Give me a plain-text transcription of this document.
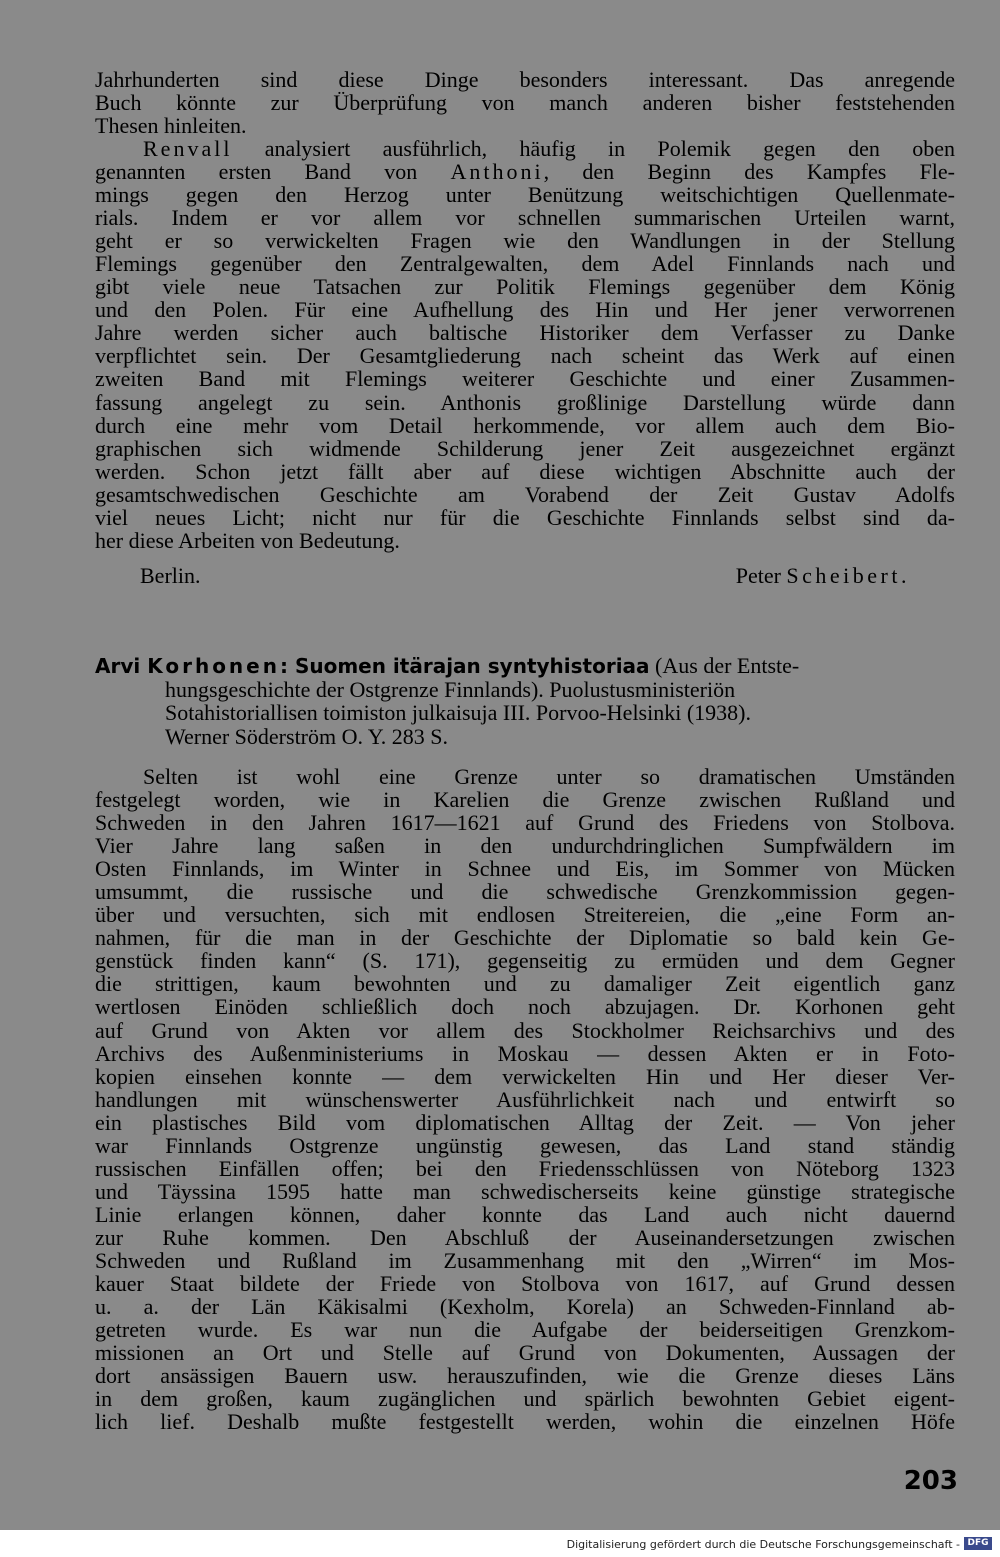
Jahrhunderten sind diese Dinge besonders interessant. Das anregende
Buch könnte zur Überprüfung von manch anderen bisher feststehenden
Thesen hinleiten.
Renvall analysiert ausführlich, häufig in Polemik gegen den oben
genannten ersten Band von Anthoni, den Beginn des Kampfes Fle-
mings gegen den Herzog unter Benützung weitschichtigen Quellenmate-
rials. Indem er vor allem vor schnellen summarischen Urteilen warnt,
geht er so verwickelten Fragen wie den Wandlungen in der Stellung
Flemings gegenüber den Zentralgewalten, dem Adel Finnlands nach und
gibt viele neue Tatsachen zur Politik Flemings gegenüber dem König
und den Polen. Für eine Aufhellung des Hin und Her jener verworrenen
Jahre werden sicher auch baltische Historiker dem Verfasser zu Danke
verpflichtet sein. Der Gesamtgliederung nach scheint das Werk auf einen
zweiten Band mit Flemings weiterer Geschichte und einer Zusammen-
fassung angelegt zu sein. Anthonis großlinige Darstellung würde dann
durch eine mehr vom Detail herkommende, vor allem auch dem Bio-
graphischen sich widmende Schilderung jener Zeit ausgezeichnet ergänzt
werden. Schon jetzt fällt aber auf diese wichtigen Abschnitte auch der
gesamtschwedischen Geschichte am Vorabend der Zeit Gustav Adolfs
viel neues Licht; nicht nur für die Geschichte Finnlands selbst sind da-
her diese Arbeiten von Bedeutung.
Berlin.	Peter Scheibert.
Arvi Korhonen: Suomen itärajan syntyhistoriaa (Aus der Entste-
hungsgeschichte der Ostgrenze Finnlands). Puolustusministeriön
Sotahistoriallisen toimiston julkaisuja III. Porvoo-Helsinki (1938).
Werner Söderström O. Y. 283 S.
Selten ist wohl eine Grenze unter so dramatischen Umständen
festgelegt worden, wie in Karelien die Grenze zwischen Rußland und
Schweden in den Jahren 1617—1621 auf Grund des Friedens von Stolbova.
Vier Jahre lang saßen in den undurchdringlichen Sumpfwäldern im
Osten Finnlands, im Winter in Schnee und Eis, im Sommer von Mücken
umsummt, die russische und die schwedische Grenzkommission gegen-
über und versuchten, sich mit endlosen Streitereien, die „eine Form an-
nahmen, für die man in der Geschichte der Diplomatie so bald kein Ge-
genstück finden kann“ (S. 171), gegenseitig zu ermüden und dem Gegner
die strittigen, kaum bewohnten und zu damaliger Zeit eigentlich ganz
wertlosen Einöden schließlich doch noch abzujagen. Dr. Korhonen geht
auf Grund von Akten vor allem des Stockholmer Reichsarchivs und des
Archivs des Außenministeriums in Moskau — dessen Akten er in Foto-
kopien einsehen konnte — dem verwickelten Hin und Her dieser Ver-
handlungen mit wünschenswerter Ausführlichkeit nach und entwirft so
ein plastisches Bild vom diplomatischen Alltag der Zeit. — Von jeher
war Finnlands Ostgrenze ungünstig gewesen, das Land stand ständig
russischen Einfällen offen; bei den Friedensschlüssen von Nöteborg 1323
und Täyssina 1595 hatte man schwedischerseits keine günstige strategische
Linie erlangen können, daher konnte das Land auch nicht dauernd
zur Ruhe kommen. Den Abschluß der Auseinandersetzungen zwischen
Schweden und Rußland im Zusammenhang mit den „Wirren“ im Mos-
kauer Staat bildete der Friede von Stolbova von 1617, auf Grund dessen
u. a. der Län Käkisalmi (Kexholm, Korela) an Schweden-Finnland ab-
getreten wurde. Es war nun die Aufgabe der beiderseitigen Grenzkom-
missionen an Ort und Stelle auf Grund von Dokumenten, Aussagen der
dort ansässigen Bauern usw. herauszufinden, wie die Grenze dieses Läns
in dem großen, kaum zugänglichen und spärlich bewohnten Gebiet eigent-
lich lief. Deshalb mußte festgestellt werden, wohin die einzelnen Höfe
203
Digitalisierung gefördert durch die Deutsche Forschungsgemeinschaft - DFG
